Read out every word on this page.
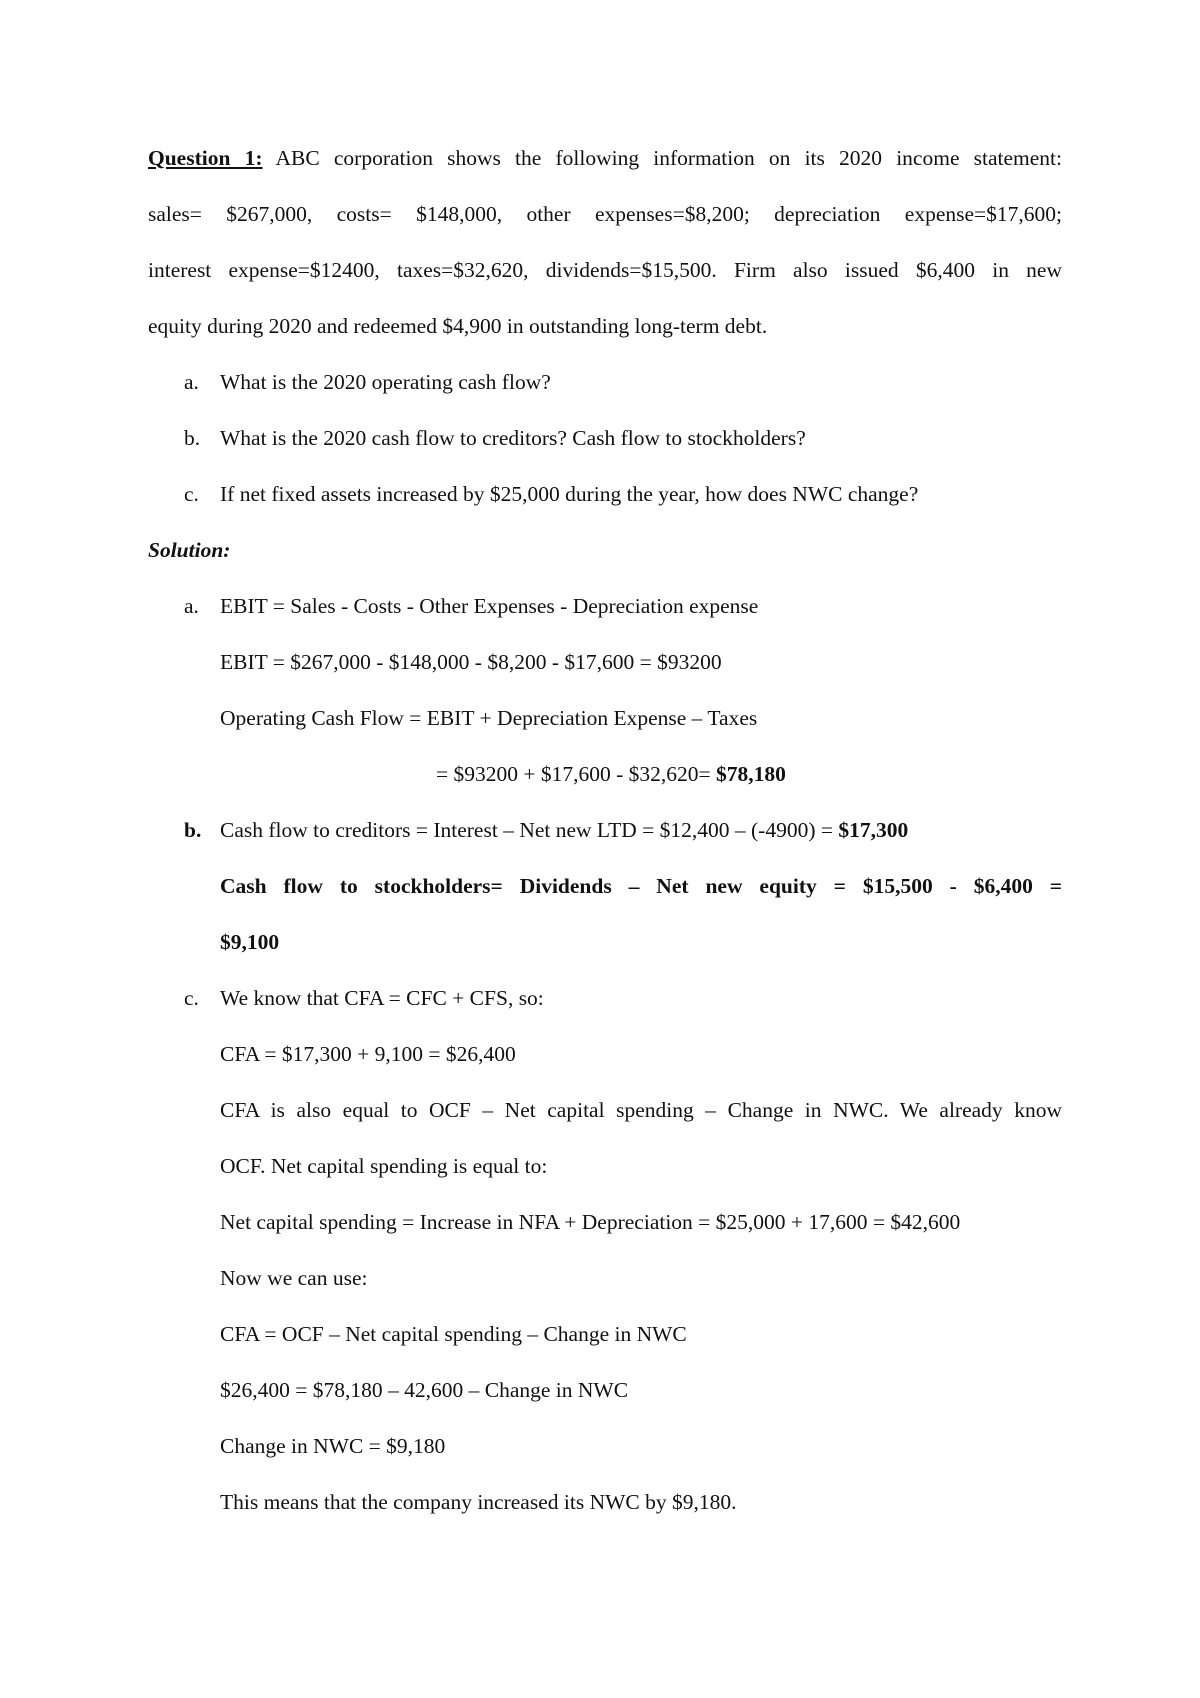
Question 1: ABC corporation shows the following information on its 2020 income statement:
sales= $267,000, costs= $148,000, other expenses=$8,200; depreciation expense=$17,600;
interest expense=$12400, taxes=$32,620, dividends=$15,500. Firm also issued $6,400 in new
equity during 2020 and redeemed $4,900 in outstanding long-term debt.
a. What is the 2020 operating cash flow?
b. What is the 2020 cash flow to creditors? Cash flow to stockholders?
c. If net fixed assets increased by $25,000 during the year, how does NWC change?
Solution:
a. EBIT = Sales - Costs - Other Expenses - Depreciation expense
EBIT = $267,000 - $148,000 - $8,200 - $17,600 = $93200
Operating Cash Flow = EBIT + Depreciation Expense – Taxes
= $93200 + $17,600 - $32,620= $78,180
b. Cash flow to creditors = Interest – Net new LTD = $12,400 – (-4900) = $17,300
Cash flow to stockholders= Dividends – Net new equity = $15,500 - $6,400 =
$9,100
c. We know that CFA = CFC + CFS, so:
CFA = $17,300 + 9,100 = $26,400
CFA is also equal to OCF – Net capital spending – Change in NWC. We already know
OCF. Net capital spending is equal to:
Net capital spending = Increase in NFA + Depreciation = $25,000 + 17,600 = $42,600
Now we can use:
CFA = OCF – Net capital spending – Change in NWC
$26,400 = $78,180 – 42,600 – Change in NWC
Change in NWC = $9,180
This means that the company increased its NWC by $9,180.
